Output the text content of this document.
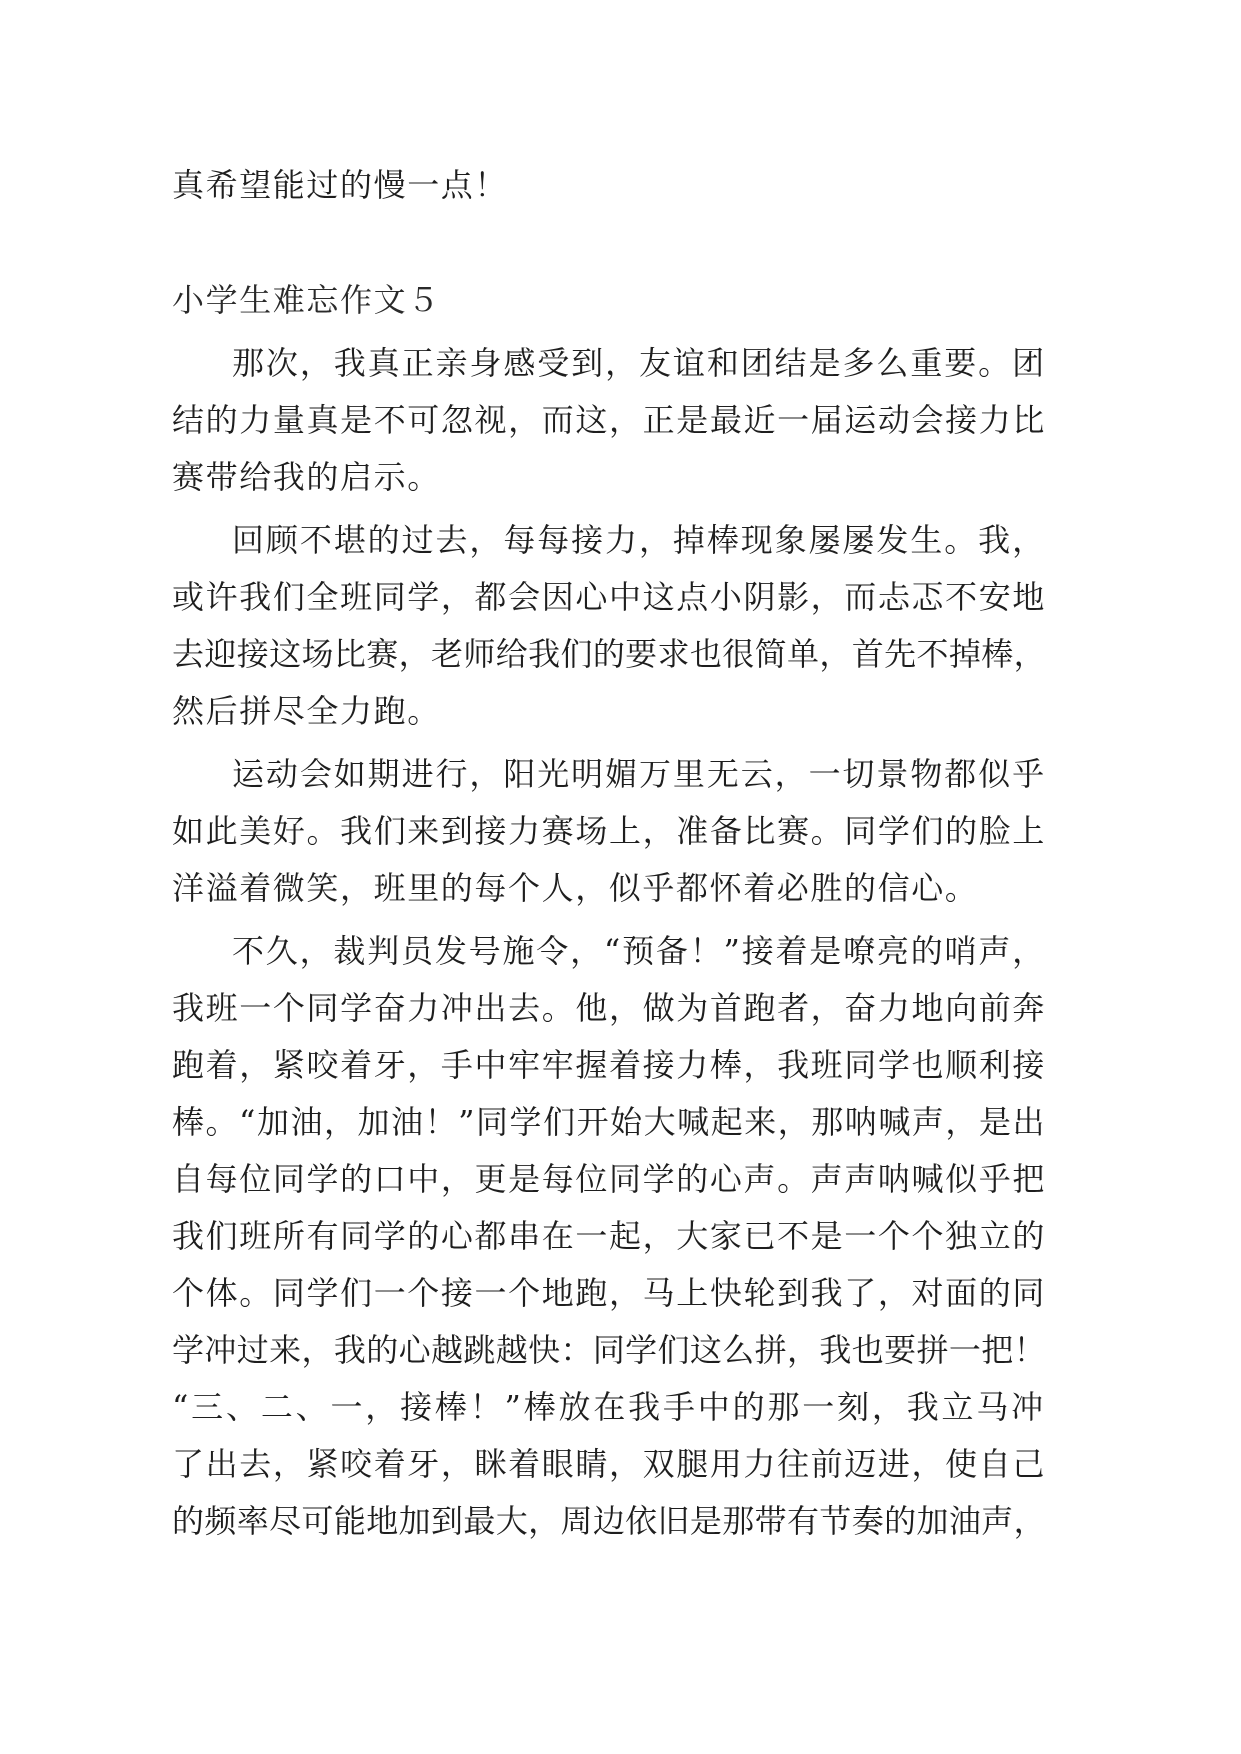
真希望能过的慢一点！
小学生难忘作文５
那次，我真正亲身感受到，友谊和团结是多么重要。团
结的力量真是不可忽视，而这，正是最近一届运动会接力比
赛带给我的启示。
回顾不堪的过去，每每接力，掉棒现象屡屡发生。我，
或许我们全班同学，都会因心中这点小阴影，而忐忑不安地
去迎接这场比赛，老师给我们的要求也很简单，首先不掉棒，
然后拼尽全力跑。
运动会如期进行，阳光明媚万里无云，一切景物都似乎
如此美好。我们来到接力赛场上，准备比赛。同学们的脸上
洋溢着微笑，班里的每个人，似乎都怀着必胜的信心。
不久，裁判员发号施令，“预备！”接着是嘹亮的哨声，
我班一个同学奋力冲出去。他，做为首跑者，奋力地向前奔
跑着，紧咬着牙，手中牢牢握着接力棒，我班同学也顺利接
棒。“加油，加油！”同学们开始大喊起来，那呐喊声，是出
自每位同学的口中，更是每位同学的心声。声声呐喊似乎把
我们班所有同学的心都串在一起，大家已不是一个个独立的
个体。同学们一个接一个地跑，马上快轮到我了，对面的同
学冲过来，我的心越跳越快：同学们这么拼，我也要拼一把！
“三、二、一，接棒！”棒放在我手中的那一刻，我立马冲
了出去，紧咬着牙，眯着眼睛，双腿用力往前迈进，使自己
的频率尽可能地加到最大，周边依旧是那带有节奏的加油声，
